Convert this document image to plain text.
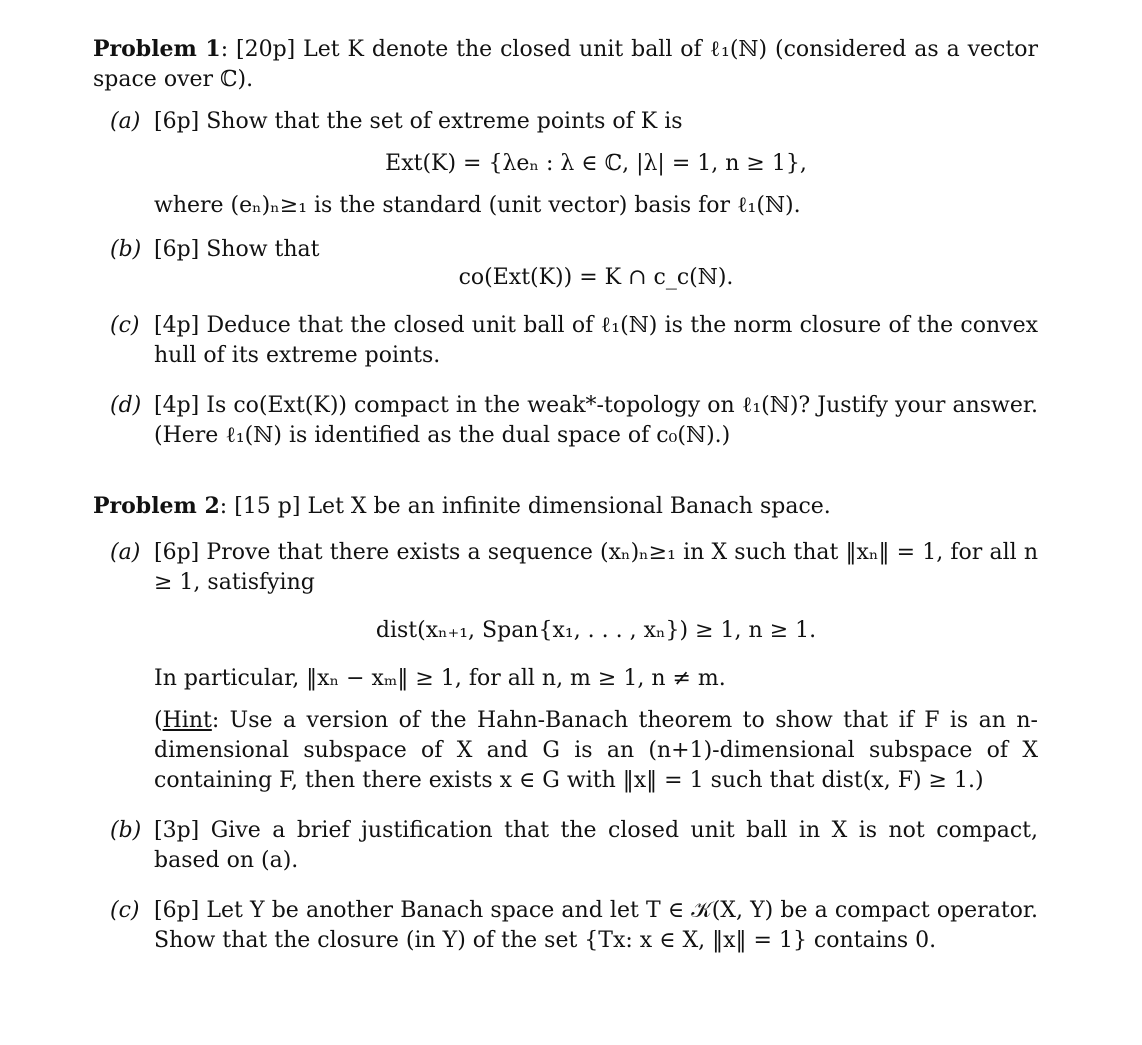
Problem 1: [20p] Let K denote the closed unit ball of ℓ₁(ℕ) (considered as a vector space over ℂ).

(a) [6p] Show that the set of extreme points of K is
Ext(K) = {λeₙ : λ ∈ ℂ, |λ| = 1, n ≥ 1},
where (eₙ)ₙ≥₁ is the standard (unit vector) basis for ℓ₁(ℕ).
(b) [6p] Show that
co(Ext(K)) = K ∩ c_c(ℕ).
(c) [4p] Deduce that the closed unit ball of ℓ₁(ℕ) is the norm closure of the convex hull of its extreme points.
(d) [4p] Is co(Ext(K)) compact in the weak*-topology on ℓ₁(ℕ)? Justify your answer. (Here ℓ₁(ℕ) is identified as the dual space of c₀(ℕ).)

Problem 2: [15 p] Let X be an infinite dimensional Banach space.

(a) [6p] Prove that there exists a sequence (xₙ)ₙ≥₁ in X such that ‖xₙ‖ = 1, for all n ≥ 1, satisfying
dist(xₙ₊₁, Span{x₁, . . . , xₙ}) ≥ 1, n ≥ 1.
In particular, ‖xₙ − xₘ‖ ≥ 1, for all n, m ≥ 1, n ≠ m.
(Hint: Use a version of the Hahn-Banach theorem to show that if F is an n-dimensional subspace of X and G is an (n+1)-dimensional subspace of X containing F, then there exists x ∈ G with ‖x‖ = 1 such that dist(x, F) ≥ 1.)
(b) [3p] Give a brief justification that the closed unit ball in X is not compact, based on (a).
(c) [6p] Let Y be another Banach space and let T ∈ 𝒦(X, Y) be a compact operator. Show that the closure (in Y) of the set {Tx: x ∈ X, ‖x‖ = 1} contains 0.
